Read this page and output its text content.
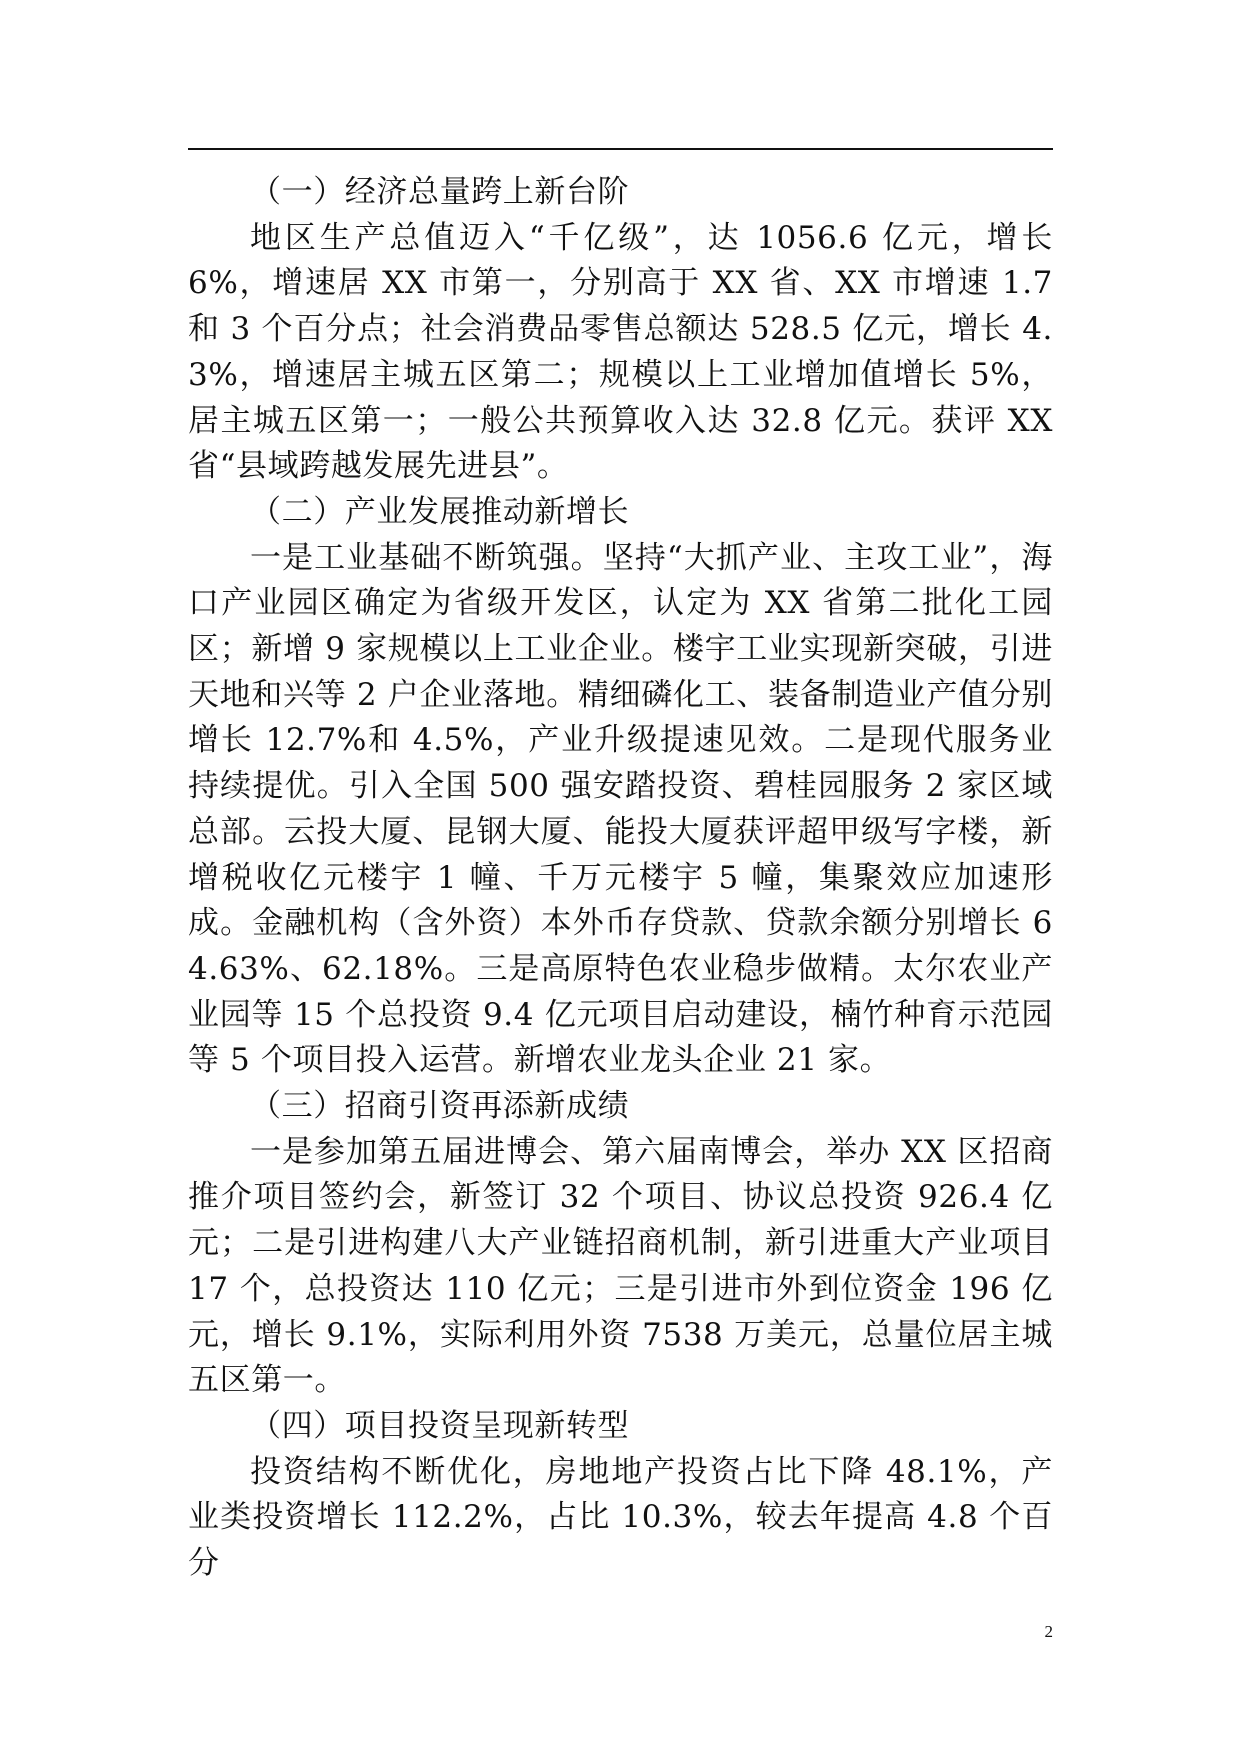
（一）经济总量跨上新台阶

地区生产总值迈入“千亿级”，达 1056.6 亿元，增长 6%，增速居 XX 市第一，分别高于 XX 省、XX 市增速 1.7 和 3 个百分点；社会消费品零售总额达 528.5 亿元，增长 4.3%，增速居主城五区第二；规模以上工业增加值增长 5%，居主城五区第一；一般公共预算收入达 32.8 亿元。获评 XX 省“县域跨越发展先进县”。

（二）产业发展推动新增长

一是工业基础不断筑强。坚持“大抓产业、主攻工业”，海口产业园区确定为省级开发区，认定为 XX 省第二批化工园区；新增 9 家规模以上工业企业。楼宇工业实现新突破，引进天地和兴等 2 户企业落地。精细磷化工、装备制造业产值分别增长 12.7%和 4.5%，产业升级提速见效。二是现代服务业持续提优。引入全国 500 强安踏投资、碧桂园服务 2 家区域总部。云投大厦、昆钢大厦、能投大厦获评超甲级写字楼，新增税收亿元楼宇 1 幢、千万元楼宇 5 幢，集聚效应加速形成。金融机构（含外资）本外币存贷款、贷款余额分别增长 64.63%、62.18%。三是高原特色农业稳步做精。太尔农业产业园等 15 个总投资 9.4 亿元项目启动建设，楠竹种育示范园等 5 个项目投入运营。新增农业龙头企业 21 家。

（三）招商引资再添新成绩

一是参加第五届进博会、第六届南博会，举办 XX 区招商推介项目签约会，新签订 32 个项目、协议总投资 926.4 亿元；二是引进构建八大产业链招商机制，新引进重大产业项目 17 个，总投资达 110 亿元；三是引进市外到位资金 196 亿元，增长 9.1%，实际利用外资 7538 万美元，总量位居主城五区第一。

（四）项目投资呈现新转型

投资结构不断优化，房地地产投资占比下降 48.1%，产业类投资增长 112.2%，占比 10.3%，较去年提高 4.8 个百分

2
